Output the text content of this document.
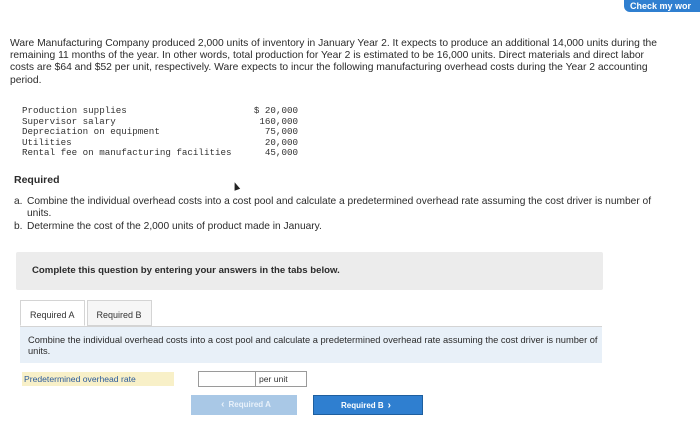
Check my wor
Ware Manufacturing Company produced 2,000 units of inventory in January Year 2. It expects to produce an additional 14,000 units during the remaining 11 months of the year. In other words, total production for Year 2 is estimated to be 16,000 units. Direct materials and direct labor costs are $64 and $52 per unit, respectively. Ware expects to incur the following manufacturing overhead costs during the Year 2 accounting period.
Production supplies	$ 20,000
Supervisor salary	160,000
Depreciation on equipment	75,000
Utilities	20,000
Rental fee on manufacturing facilities	45,000
Required
a. Combine the individual overhead costs into a cost pool and calculate a predetermined overhead rate assuming the cost driver is number of units.
b. Determine the cost of the 2,000 units of product made in January.
Complete this question by entering your answers in the tabs below.
Required A	Required B
Combine the individual overhead costs into a cost pool and calculate a predetermined overhead rate assuming the cost driver is number of units.
Predetermined overhead rate	per unit
‹ Required A	Required B ›
